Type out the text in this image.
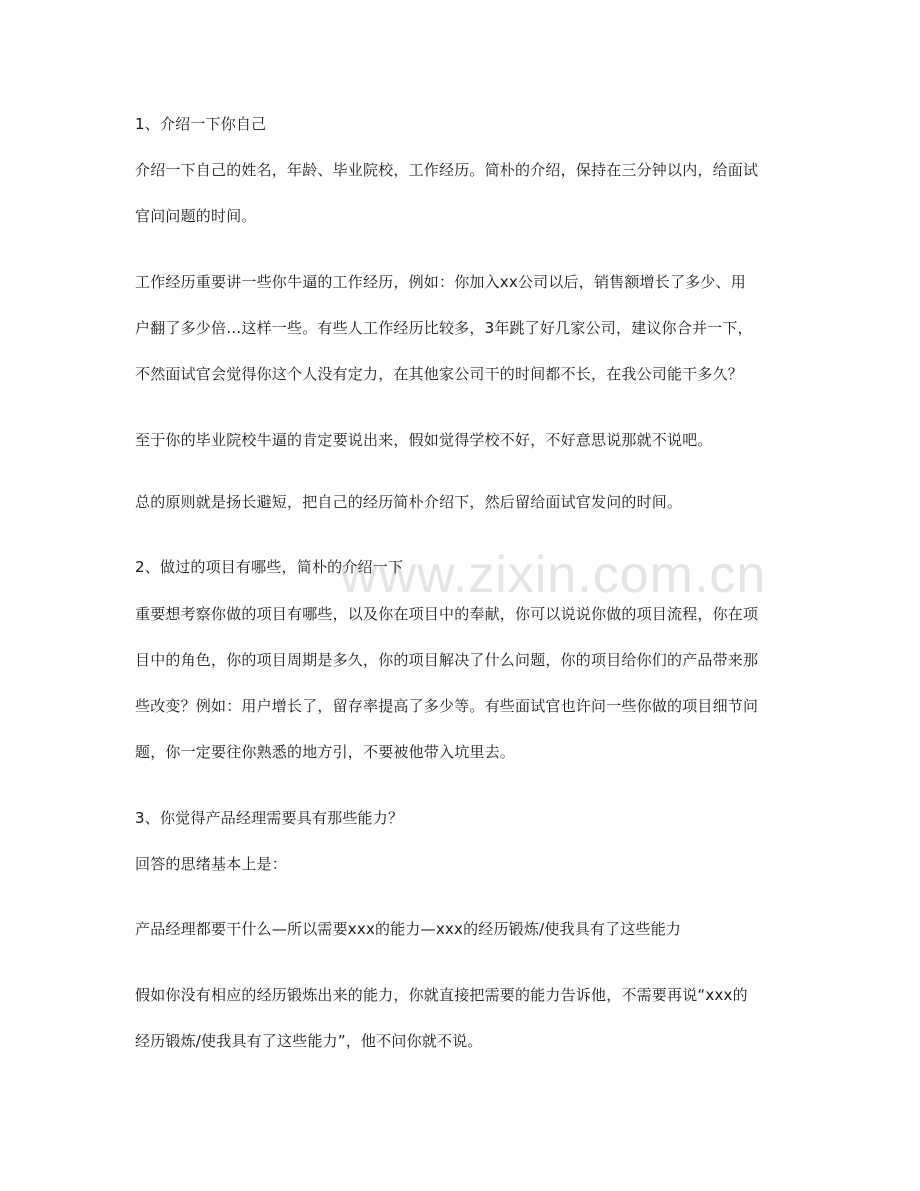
www.zixin.com.cn

1、介绍一下你自己

介绍一下自己的姓名，年龄、毕业院校，工作经历。简朴的介绍，保持在三分钟以内，给面试

官问问题的时间。

工作经历重要讲一些你牛逼的工作经历，例如：你加入xx公司以后，销售额增长了多少、用

户翻了多少倍…这样一些。有些人工作经历比较多，3年跳了好几家公司，建议你合并一下，

不然面试官会觉得你这个人没有定力，在其他家公司干的时间都不长，在我公司能干多久？

至于你的毕业院校牛逼的肯定要说出来，假如觉得学校不好，不好意思说那就不说吧。

总的原则就是扬长避短，把自己的经历简朴介绍下，然后留给面试官发问的时间。

2、做过的项目有哪些，简朴的介绍一下

重要想考察你做的项目有哪些，以及你在项目中的奉献，你可以说说你做的项目流程，你在项

目中的角色，你的项目周期是多久，你的项目解决了什么问题，你的项目给你们的产品带来那

些改变？例如：用户增长了，留存率提高了多少等。有些面试官也许问一些你做的项目细节问

题，你一定要往你熟悉的地方引，不要被他带入坑里去。

3、你觉得产品经理需要具有那些能力？

回答的思绪基本上是：

产品经理都要干什么—所以需要xxx的能力—xxx的经历锻炼/使我具有了这些能力

假如你没有相应的经历锻炼出来的能力，你就直接把需要的能力告诉他，不需要再说“xxx的

经历锻炼/使我具有了这些能力”，他不问你就不说。
